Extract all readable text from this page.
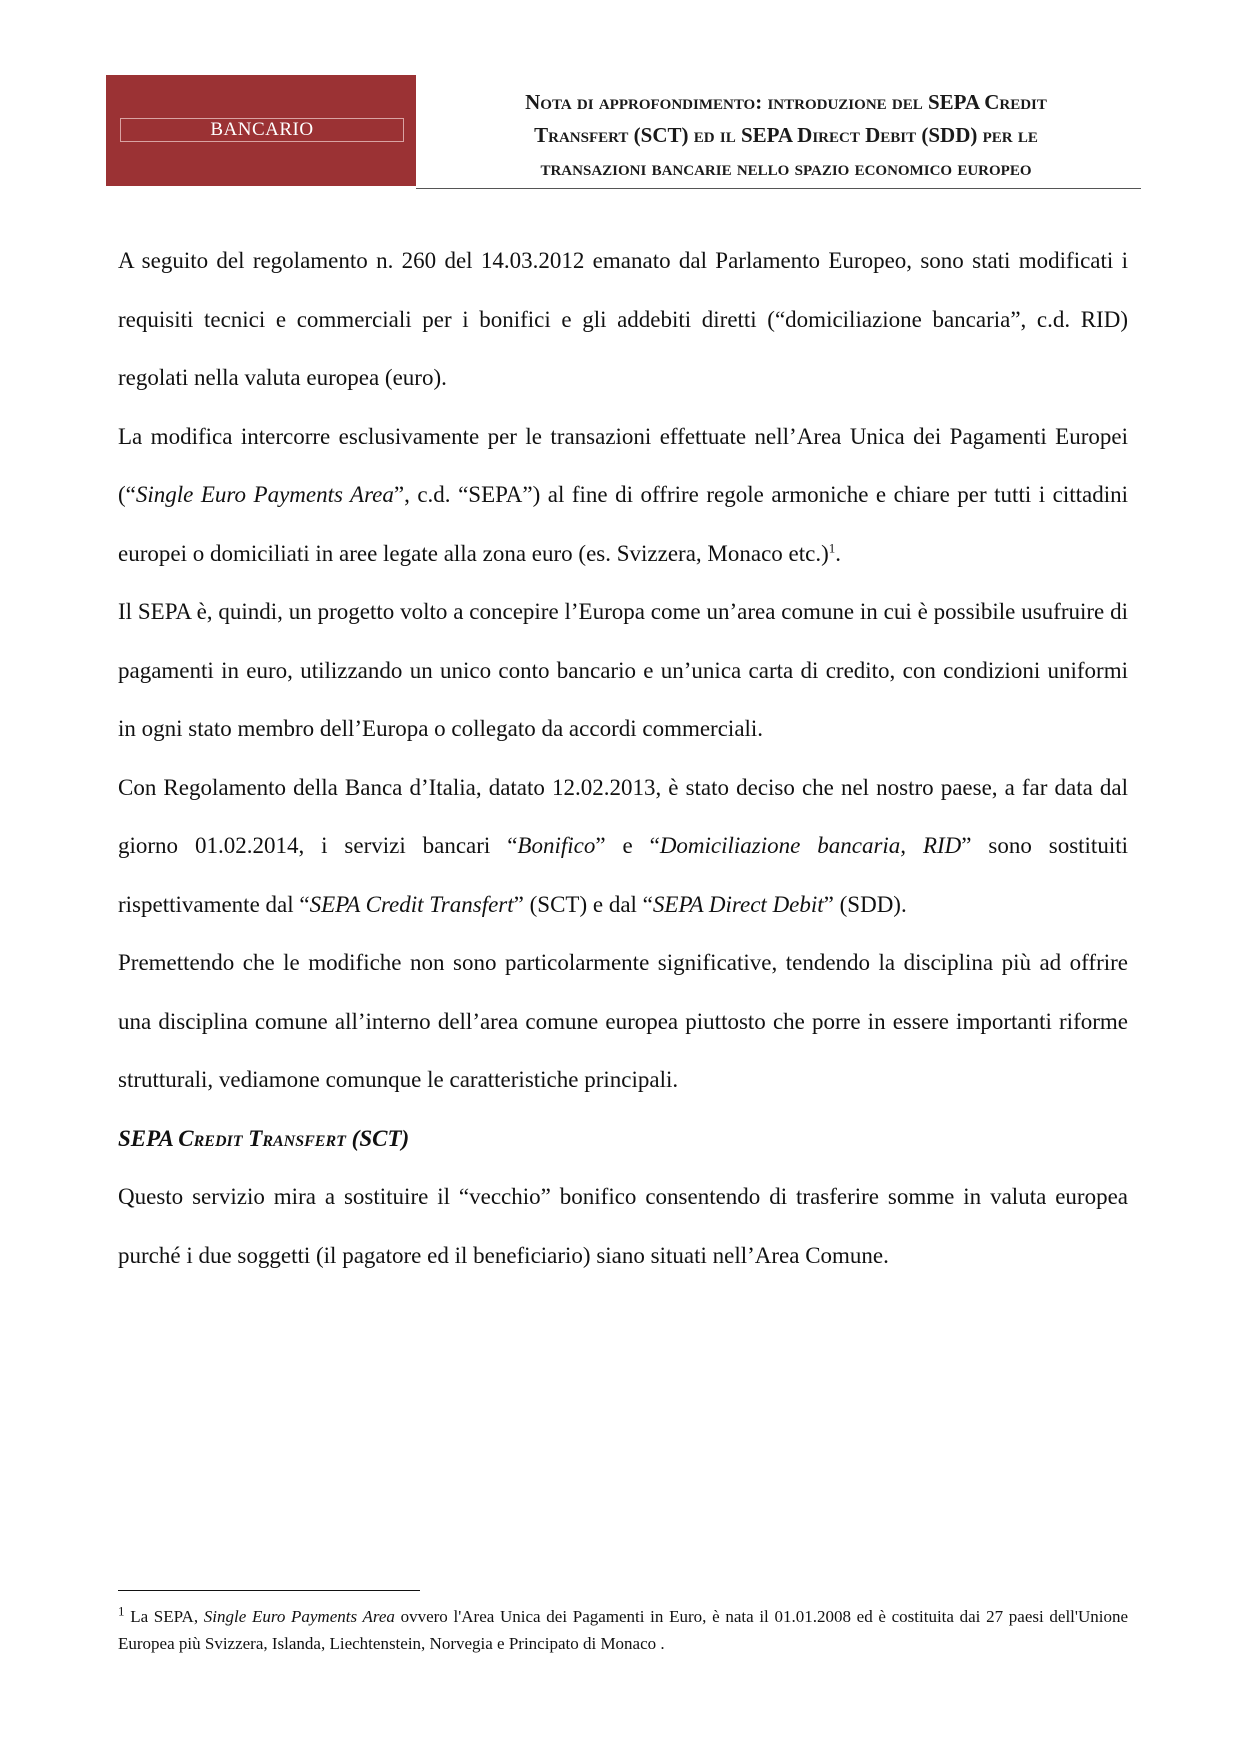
BANCARIO
Nota di approfondimento: introduzione del SEPA Credit
Transfert (SCT) ed il SEPA Direct Debit (SDD) per le
transazioni bancarie nello spazio economico europeo

A seguito del regolamento n. 260 del 14.03.2012 emanato dal Parlamento Europeo, sono stati modificati i requisiti tecnici e commerciali per i bonifici e gli addebiti diretti (“domiciliazione bancaria”, c.d. RID) regolati nella valuta europea (euro).

La modifica intercorre esclusivamente per le transazioni effettuate nell’Area Unica dei Pagamenti Europei (“Single Euro Payments Area”, c.d. “SEPA”) al fine di offrire regole armoniche e chiare per tutti i cittadini europei o domiciliati in aree legate alla zona euro (es. Svizzera, Monaco etc.)$^1$.

Il SEPA è, quindi, un progetto volto a concepire l’Europa come un’area comune in cui è possibile usufruire di pagamenti in euro, utilizzando un unico conto bancario e un’unica carta di credito, con condizioni uniformi in ogni stato membro dell’Europa o collegato da accordi commerciali.

Con Regolamento della Banca d’Italia, datato 12.02.2013, è stato deciso che nel nostro paese, a far data dal giorno 01.02.2014, i servizi bancari “Bonifico” e “Domiciliazione bancaria, RID” sono sostituiti rispettivamente dal “SEPA Credit Transfert” (SCT) e dal “SEPA Direct Debit” (SDD).

Premettendo che le modifiche non sono particolarmente significative, tendendo la disciplina più ad offrire una disciplina comune all’interno dell’area comune europea piuttosto che porre in essere importanti riforme strutturali, vediamone comunque le caratteristiche principali.

SEPA Credit Transfert (SCT)

Questo servizio mira a sostituire il “vecchio” bonifico consentendo di trasferire somme in valuta europea purché i due soggetti (il pagatore ed il beneficiario) siano situati nell’Area Comune.

$^1$ La SEPA, Single Euro Payments Area ovvero l'Area Unica dei Pagamenti in Euro, è nata il 01.01.2008 ed è costituita dai 27 paesi dell'Unione Europea più Svizzera, Islanda, Liechtenstein, Norvegia e Principato di Monaco .
